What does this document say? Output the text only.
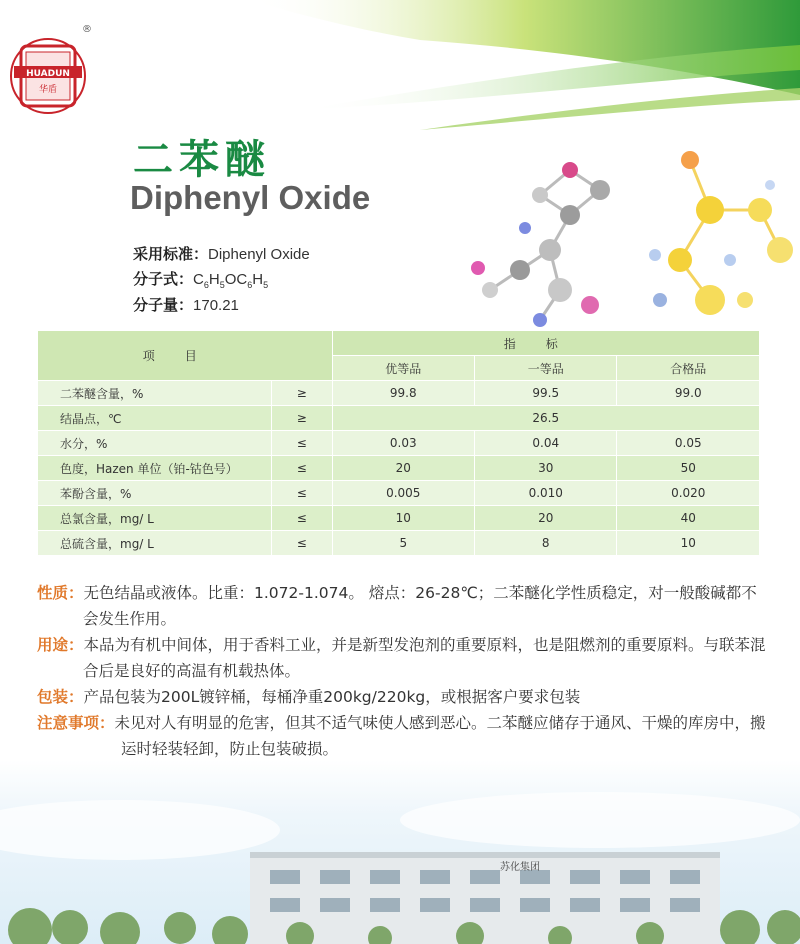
HUADUN
华盾
®
二苯醚
Diphenyl Oxide
采用标准：Diphenyl Oxide
分子式：$C_6H_5OC_6H_5$
分子量：170.21
项目		指标		
		优等品	一等品	合格品
二苯醚含量，%	≥	99.8	99.5	99.0
结晶点，℃	≥	26.5		
水分，%	≤	0.03	0.04	0.05
色度，Hazen 单位（铂-钴色号）	≤	20	30	50
苯酚含量，%	≤	0.005	0.010	0.020
总氯含量，mg/ L	≤	10	20	40
总硫含量，mg/ L	≤	5	8	10

性质：无色结晶或液体。比重：1.072-1.074。 熔点：26-28℃；二苯醚化学性质稳定，对一般酸碱都不会发生作用。

用途：本品为有机中间体，用于香料工业，并是新型发泡剂的重要原料，也是阻燃剂的重要原料。与联苯混合后是良好的高温有机载热体。

包装：产品包装为200L镀锌桶，每桶净重200kg/220kg，或根据客户要求包装

注意事项：未见对人有明显的危害，但其不适气味使人感到恶心。二苯醚应储存于通风、干燥的库房中，搬运时轻装轻卸，防止包装破损。

苏化集团
